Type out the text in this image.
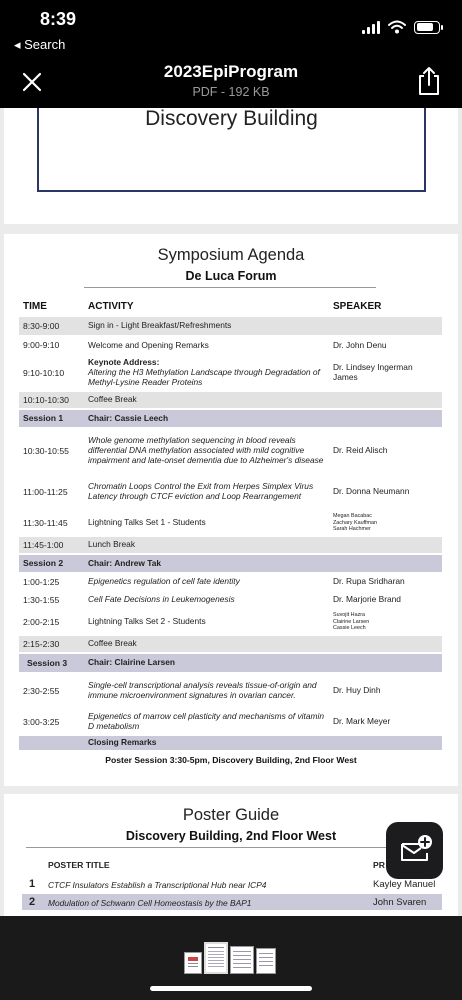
8:39
◂ Search
2023EpiProgram
PDF - 192 KB
Discovery Building
Symposium Agenda
De Luca Forum
TIME	ACTIVITY	SPEAKER
8:30-9:00	Sign in - Light Breakfast/Refreshments	
9:00-9:10	Welcome and Opening Remarks	Dr. John Denu
9:10-10:10	Keynote Address:
Altering the H3 Methylation Landscape through Degradation of Methyl-Lysine Reader Proteins	Dr. Lindsey Ingerman James
10:10-10:30	Coffee Break	
Session 1	Chair: Cassie Leech	
10:30-10:55	Whole genome methylation sequencing in blood reveals differential DNA methylation associated with mild cognitive impairment and late-onset dementia due to Alzheimer's disease	Dr. Reid Alisch
11:00-11:25	Chromatin Loops Control the Exit from Herpes Simplex Virus Latency through CTCF eviction and Loop Rearrangement	Dr. Donna Neumann
11:30-11:45	Lightning Talks Set 1 - Students	Megan Bacabac
Zachary Kauffman
Sarah Hachmer

11:45-1:00	Lunch Break	
Session 2	Chair: Andrew Tak	
1:00-1:25	Epigenetics regulation of cell fate identity	Dr. Rupa Sridharan
1:30-1:55	Cell Fate Decisions in Leukemogenesis	Dr. Marjorie Brand
2:00-2:15	Lightning Talks Set 2 - Students	Suvojit Hazra
Clairine Larsen
Cassie Leech

2:15-2:30	Coffee Break	
Session 3	Chair: Clairine Larsen	
2:30-2:55	Single-cell transcriptional analysis reveals tissue-of-origin and immune microenvironment signatures in ovarian cancer.	Dr. Huy Dinh
3:00-3:25	Epigenetics of marrow cell plasticity and mechanisms of vitamin D metabolism	Dr. Mark Meyer
	Closing Remarks	
Poster Session 3:30-5pm, Discovery Building, 2nd Floor West
Poster Guide
Discovery Building, 2nd Floor West
POSTER TITLE	PR
1 CTCF Insulators Establish a Transcriptional Hub near ICP4	Kayley Manuel
2 Modulation of Schwann Cell Homeostasis by the BAP1	John Svaren
